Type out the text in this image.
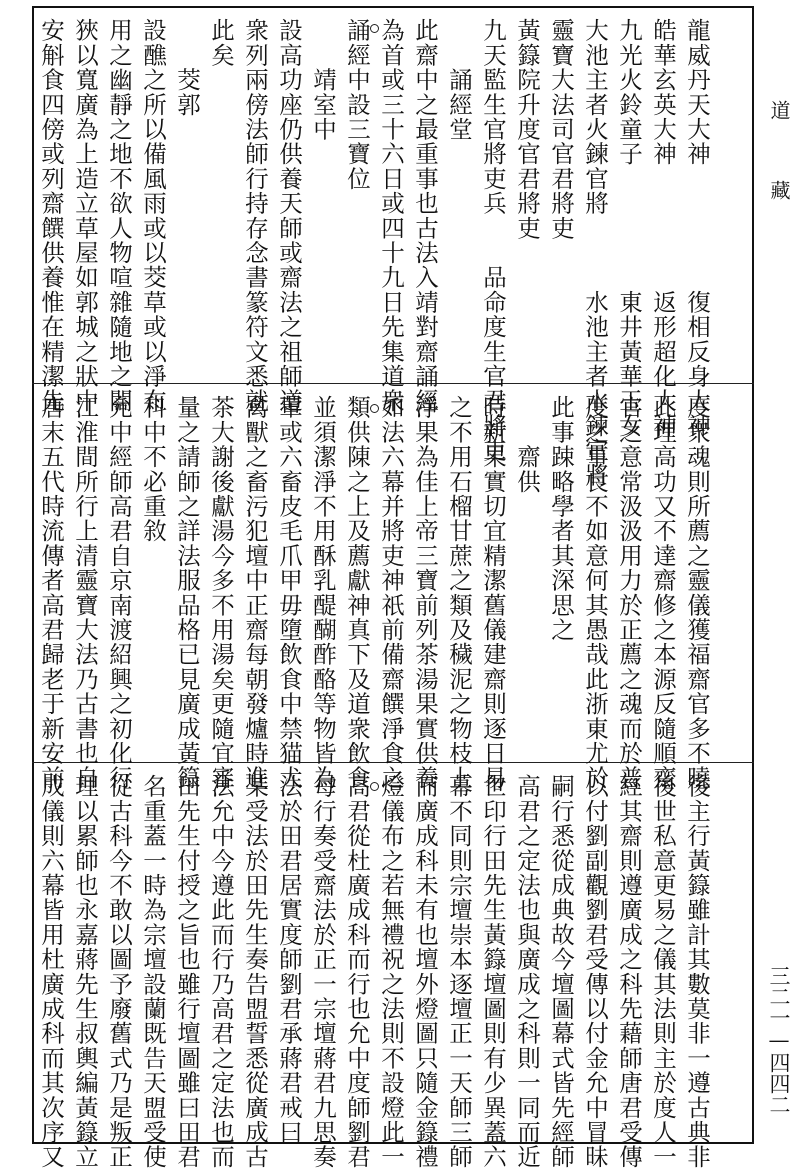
道
藏
三二一—四四二
龍威丹天大神　　　　　復相反身大神
皓華玄英大神　　　　　返形超化大神
九光火鈴童子　　　　　東井黃華玉女
大池主者火鍊官將　　　水池主者水鍊官將
靈寶大法司官君將吏
黃籙院升度官君將吏
九天監生官將吏兵　　品命度生官君將吏
　　誦經堂
此齋中之最重事也古法入靖對齋誦經
為首或三十六日或四十九日先集道衆
誦經中設三寶位
　　靖室中
設高功座仍供養天師或齋法之祖師道
衆列兩傍法師行持存念書篆符文悉就
此矣
　　茭郭
設醮之所以備風雨或以茭草或以淨布
用之幽靜之地不欲人物喧雜隨地之闊
狹以寬廣為上造立草屋如郭城之狀中
安斛食四傍或列齋饌供養惟在精潔先
度衆魂則所薦之靈儀獲福齋官多不曉
此理高功又不達齋修之本源反隨順齋
官之意常汲汲用力於正薦之魂而於普
度之事良不如意何其愚哉此浙東尤於
此事踈略學者其深思之
　　齋供
時新果實切宜精潔舊儀建齋則逐日易
之不用石榴甘蔗之類及穢泥之物枝上
淨果為佳上帝三寶前列茶湯果實供養
如法六幕并將吏神祇前備齋饌淨食之
類供陳之上及薦獻神真下及道衆飲食
並須潔淨不用酥乳醍醐酢酪等物皆為
葷或六畜皮毛爪甲毋墮飲食中禁猫犬
禽獸之畜污犯壇中正齋每朝發爐時進
茶大謝後獻湯今多不用湯矣更隨宜審
量之請師之詳法服品格已見廣成黃籙
科中不必重敘
允中經師高君自京南渡紹興之初化行
江淮間所行上清靈寶大法乃古書也自
唐末五代時流傳者高君歸老于新安前
後主行黃籙雖計其數莫非一遵古典非
後世私意更易之儀其法則主於度人一
經其齋則遵廣成之科先藉師唐君受傳
以付劉副觀劉君受傳以付金允中冒昧
嗣行悉從成典故今壇圖幕式皆先經師
高君之定法也與廣成之科則一同而近
世印行田先生黃籙壇圖則有少異蓋六
幕不同則宗壇崇本逐壇正一天師三師
而廣成科未有也壇外燈圖只隨金籙禮
燈儀布之若無禮祝之法則不設燈此一
高君從杜廣成科而行也允中度師劉君
每行奏受齋法於正一宗壇蔣君九思奏
法於田君居實度師劉君承蔣君戒曰
某受法於田先生奏告盟誓悉從廣成古
法允中今遵此而行乃高君之定法也而
田先生付授之旨也雖行壇圖雖曰田君
名重蓋一時為宗壇設蘭既告天盟受使
從古科今不敢以圖予廢舊式乃是叛正
理以累師也永嘉蔣先生叔輿編黃籙立
成儀則六幕皆用杜廣成科而其次序又
